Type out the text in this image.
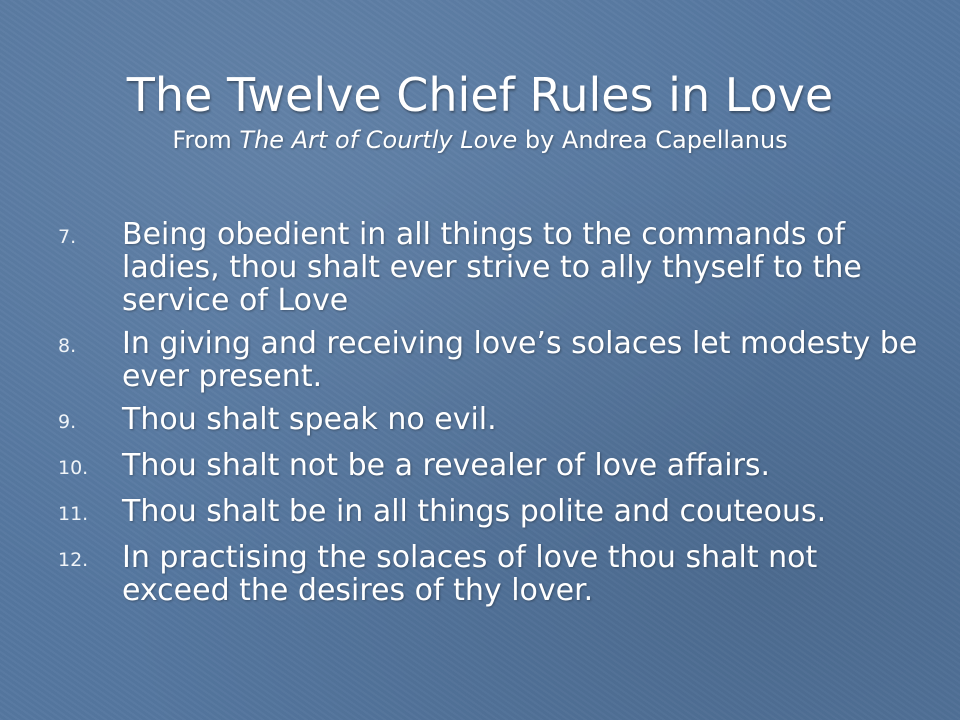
The Twelve Chief Rules in Love
From The Art of Courtly Love by Andrea Capellanus
7.	Being obedient in all things to the commands of ladies, thou shalt ever strive to ally thyself to the service of Love
8.	In giving and receiving love’s solaces let modesty be ever present.
9.	Thou shalt speak no evil.
10.	Thou shalt not be a revealer of love affairs.
11.	Thou shalt be in all things polite and couteous.
12.	In practising the solaces of love thou shalt not exceed the desires of thy lover.
